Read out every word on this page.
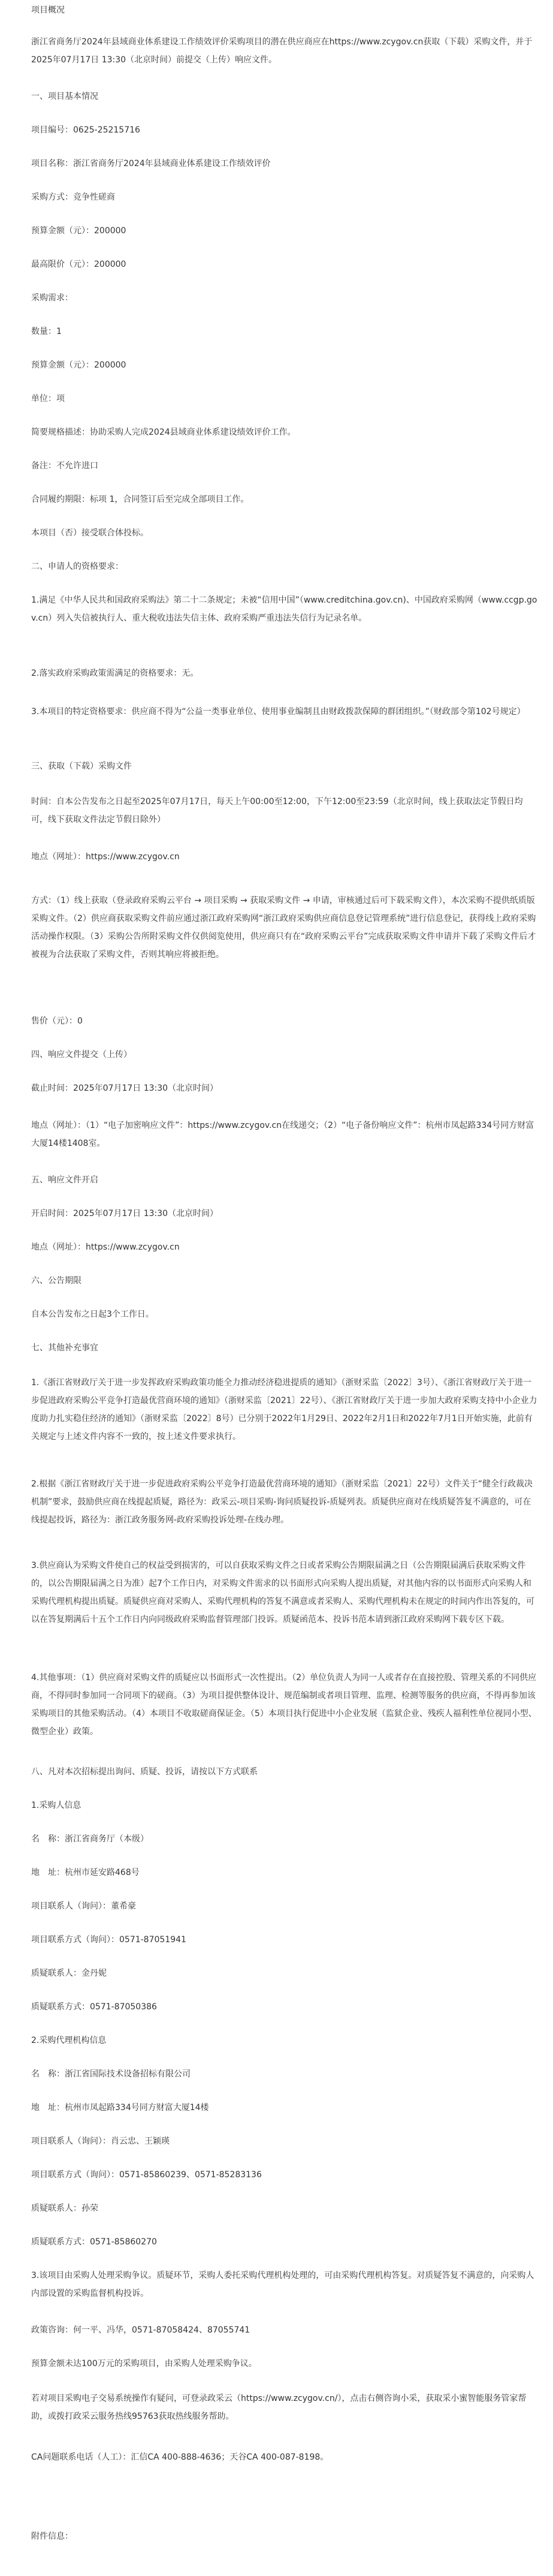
项目概况

浙江省商务厅2024年县域商业体系建设工作绩效评价采购项目的潜在供应商应在https://www.zcygov.cn获取（下载）采购文件，并于2025年07月17日 13:30（北京时间）前提交（上传）响应文件。

一、项目基本情况

项目编号：0625-25215716

项目名称：浙江省商务厅2024年县域商业体系建设工作绩效评价

采购方式：竞争性磋商

预算金额（元）：200000

最高限价（元）：200000

采购需求：

数量：1

预算金额（元）：200000

单位：项

简要规格描述：协助采购人完成2024县域商业体系建设绩效评价工作。

备注：不允许进口

合同履约期限：标项 1，合同签订后至完成全部项目工作。

本项目（否）接受联合体投标。

二、申请人的资格要求：

1.满足《中华人民共和国政府采购法》第二十二条规定；未被“信用中国”（www.creditchina.gov.cn)、中国政府采购网（www.ccgp.gov.cn）列入失信被执行人、重大税收违法失信主体、政府采购严重违法失信行为记录名单。

2.落实政府采购政策需满足的资格要求：无。

3.本项目的特定资格要求：供应商不得为“公益一类事业单位、使用事业编制且由财政拨款保障的群团组织。”（财政部令第102号规定）

三、获取（下载）采购文件

时间：自本公告发布之日起至2025年07月17日，每天上午00:00至12:00，下午12:00至23:59（北京时间，线上获取法定节假日均可，线下获取文件法定节假日除外）

地点（网址）：https://www.zcygov.cn

方式：（1）线上获取（登录政府采购云平台 → 项目采购 → 获取采购文件 → 申请，审核通过后可下载采购文件），本次采购不提供纸质版采购文件。（2）供应商获取采购文件前应通过浙江政府采购网“浙江政府采购供应商信息登记管理系统”进行信息登记，获得线上政府采购活动操作权限。（3）采购公告所附采购文件仅供阅览使用，供应商只有在“政府采购云平台”完成获取采购文件申请并下载了采购文件后才被视为合法获取了采购文件，否则其响应将被拒绝。

售价（元）：0

四、响应文件提交（上传）

截止时间：2025年07月17日 13:30（北京时间）

地点（网址）：（1）“电子加密响应文件”：https://www.zcygov.cn在线递交；（2）“电子备份响应文件”：杭州市凤起路334号同方财富大厦14楼1408室。

五、响应文件开启

开启时间：2025年07月17日 13:30（北京时间）

地点（网址）：https://www.zcygov.cn

六、公告期限

自本公告发布之日起3个工作日。

七、其他补充事宜

1.《浙江省财政厅关于进一步发挥政府采购政策功能全力推动经济稳进提质的通知》（浙财采监〔2022〕3号）、《浙江省财政厅关于进一步促进政府采购公平竞争打造最优营商环境的通知》（浙财采监〔2021〕22号）、《浙江省财政厅关于进一步加大政府采购支持中小企业力度助力扎实稳住经济的通知》（浙财采监〔2022〕8号）已分别于2022年1月29日、2022年2月1日和2022年7月1日开始实施，此前有关规定与上述文件内容不一致的，按上述文件要求执行。

2.根据《浙江省财政厅关于进一步促进政府采购公平竞争打造最优营商环境的通知》（浙财采监〔2021〕22号）文件关于“健全行政裁决机制”要求，鼓励供应商在线提起质疑，路径为：政采云-项目采购-询问质疑投诉-质疑列表。质疑供应商对在线质疑答复不满意的，可在线提起投诉，路径为：浙江政务服务网-政府采购投诉处理-在线办理。

3.供应商认为采购文件使自己的权益受到损害的，可以自获取采购文件之日或者采购公告期限届满之日（公告期限届满后获取采购文件的，以公告期限届满之日为准）起7个工作日内，对采购文件需求的以书面形式向采购人提出质疑，对其他内容的以书面形式向采购人和采购代理机构提出质疑。质疑供应商对采购人、采购代理机构的答复不满意或者采购人、采购代理机构未在规定的时间内作出答复的，可以在答复期满后十五个工作日内向同级政府采购监督管理部门投诉。质疑函范本、投诉书范本请到浙江政府采购网下载专区下载。

4.其他事项：（1）供应商对采购文件的质疑应以书面形式一次性提出。（2）单位负责人为同一人或者存在直接控股、管理关系的不同供应商，不得同时参加同一合同项下的磋商。（3）为项目提供整体设计、规范编制或者项目管理、监理、检测等服务的供应商，不得再参加该采购项目的其他采购活动。（4）本项目不收取磋商保证金。（5）本项目执行促进中小企业发展（监狱企业、残疾人福利性单位视同小型、微型企业）政策。

八、凡对本次招标提出询问、质疑、投诉，请按以下方式联系

1.采购人信息

名　称：浙江省商务厅（本级）

地　址：杭州市延安路468号

项目联系人（询问）：董希豪

项目联系方式（询问）：0571-87051941

质疑联系人：金丹妮

质疑联系方式：0571-87050386

2.采购代理机构信息

名　称：浙江省国际技术设备招标有限公司

地　址：杭州市凤起路334号同方财富大厦14楼

项目联系人（询问）：肖云忠、王颖瑛

项目联系方式（询问）：0571-85860239、0571-85283136

质疑联系人：孙荣

质疑联系方式：0571-85860270

3.该项目由采购人处理采购争议。质疑环节，采购人委托采购代理机构处理的，可由采购代理机构答复。对质疑答复不满意的，向采购人内部设置的采购监督机构投诉。

政策咨询：何一平、冯华，0571-87058424、87055741

预算金额未达100万元的采购项目，由采购人处理采购争议。

若对项目采购电子交易系统操作有疑问，可登录政采云（https://www.zcygov.cn/），点击右侧咨询小采，获取采小蜜智能服务管家帮助，或拨打政采云服务热线95763获取热线服务帮助。

CA问题联系电话（人工）：汇信CA 400-888-4636；天谷CA 400-087-8198。

附件信息：
